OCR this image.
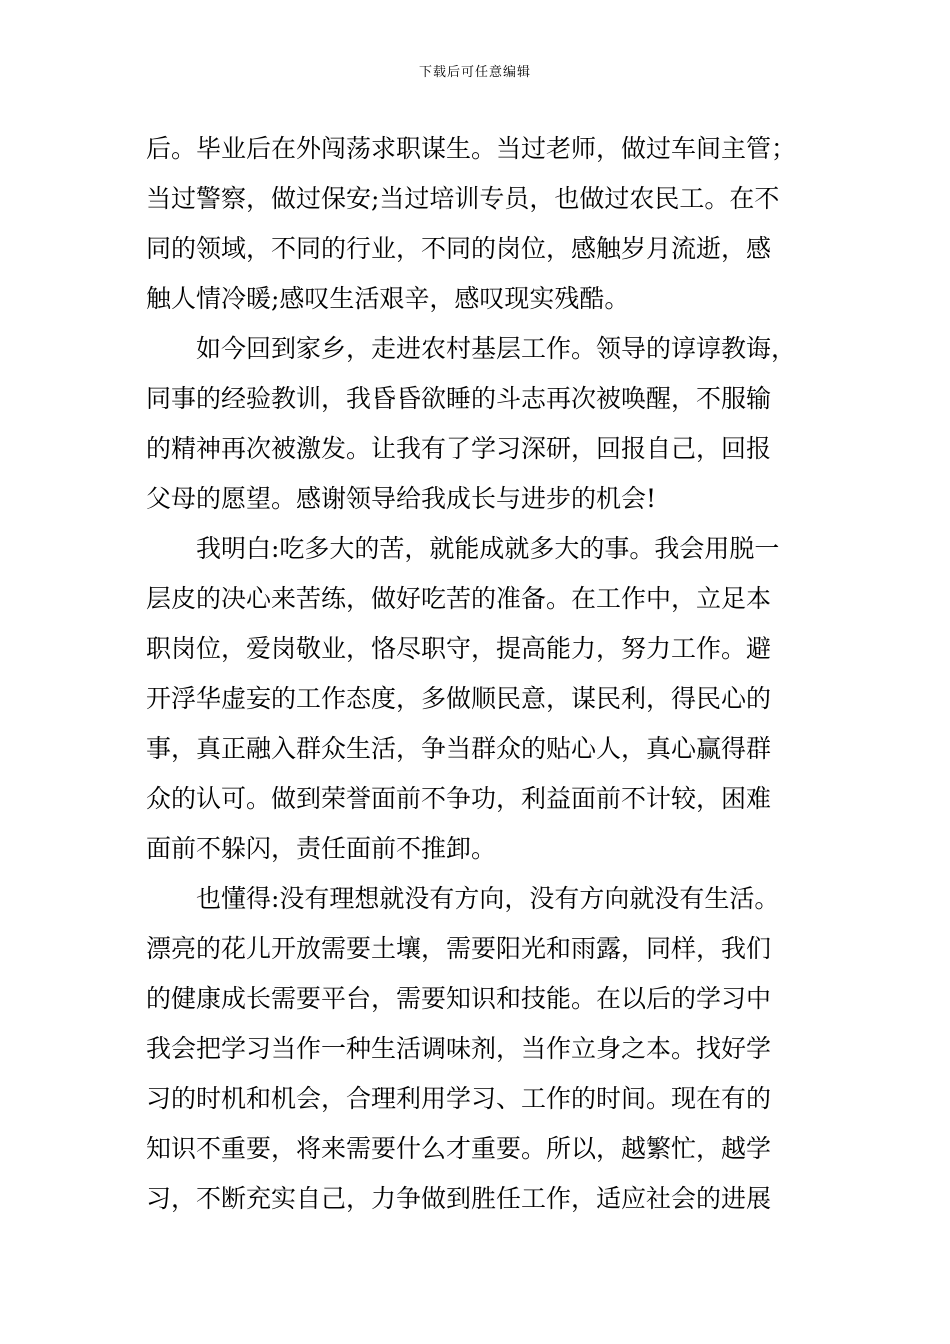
下载后可任意编辑
后。毕业后在外闯荡求职谋生。当过老师，做过车间主管；
当过警察，做过保安;当过培训专员，也做过农民工。在不
同的领域，不同的行业，不同的岗位，感触岁月流逝，感
触人情冷暖;感叹生活艰辛，感叹现实残酷。
如今回到家乡，走进农村基层工作。领导的谆谆教诲，
同事的经验教训，我昏昏欲睡的斗志再次被唤醒，不服输
的精神再次被激发。让我有了学习深研，回报自己，回报
父母的愿望。感谢领导给我成长与进步的机会!
我明白:吃多大的苦，就能成就多大的事。我会用脱一
层皮的决心来苦练，做好吃苦的准备。在工作中，立足本
职岗位，爱岗敬业，恪尽职守，提高能力，努力工作。避
开浮华虚妄的工作态度，多做顺民意，谋民利，得民心的
事，真正融入群众生活，争当群众的贴心人，真心赢得群
众的认可。做到荣誉面前不争功，利益面前不计较，困难
面前不躲闪，责任面前不推卸。
也懂得:没有理想就没有方向，没有方向就没有生活。
漂亮的花儿开放需要土壤，需要阳光和雨露，同样，我们
的健康成长需要平台，需要知识和技能。在以后的学习中
我会把学习当作一种生活调味剂，当作立身之本。找好学
习的时机和机会，合理利用学习、工作的时间。现在有的
知识不重要，将来需要什么才重要。所以，越繁忙，越学
习，不断充实自己，力争做到胜任工作，适应社会的进展
